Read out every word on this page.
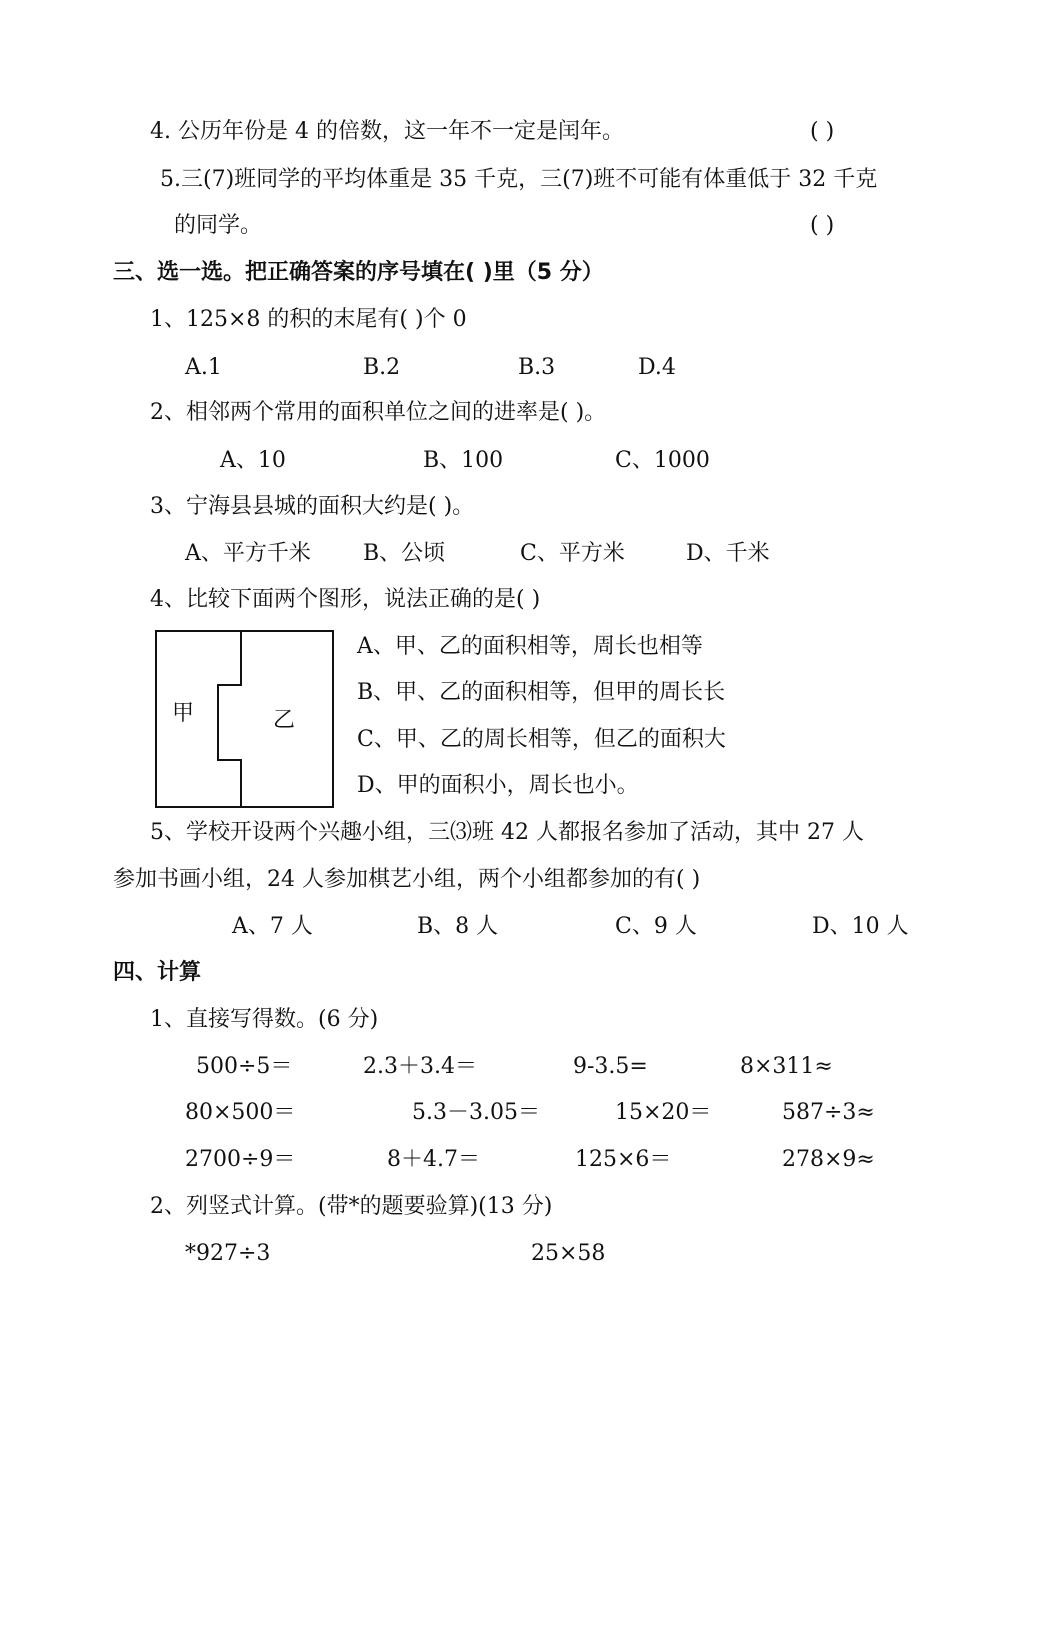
4. 公历年份是 4 的倍数，这一年不一定是闰年。	( )
5.三(7)班同学的平均体重是 35 千克，三(7)班不可能有体重低于 32 千克
的同学。	( )
三、选一选。把正确答案的序号填在( )里（5 分）
1、125×8 的积的末尾有( )个 0
A.1	B.2	B.3	D.4
2、相邻两个常用的面积单位之间的进率是( )。
A、10	B、100	C、1000
3、宁海县县城的面积大约是( )。
A、平方千米 B、公顷	C、平方米	D、千米
4、比较下面两个图形，说法正确的是( )
甲	乙
A、甲、乙的面积相等，周长也相等
B、甲、乙的面积相等，但甲的周长长
C、甲、乙的周长相等，但乙的面积大
D、甲的面积小，周长也小。
5、学校开设两个兴趣小组，三⑶班 42 人都报名参加了活动，其中 27 人
参加书画小组，24 人参加棋艺小组，两个小组都参加的有( )
A、7 人	B、8 人	C、9 人	D、10 人
四、计算
1、直接写得数。(6 分)
500÷5＝	2.3＋3.4＝	9-3.5=	8×311≈
80×500＝	5.3－3.05＝	15×20＝	587÷3≈
2700÷9＝	8＋4.7＝	125×6＝	278×9≈
2、列竖式计算。(带*的题要验算)(13 分)
*927÷3	25×58
